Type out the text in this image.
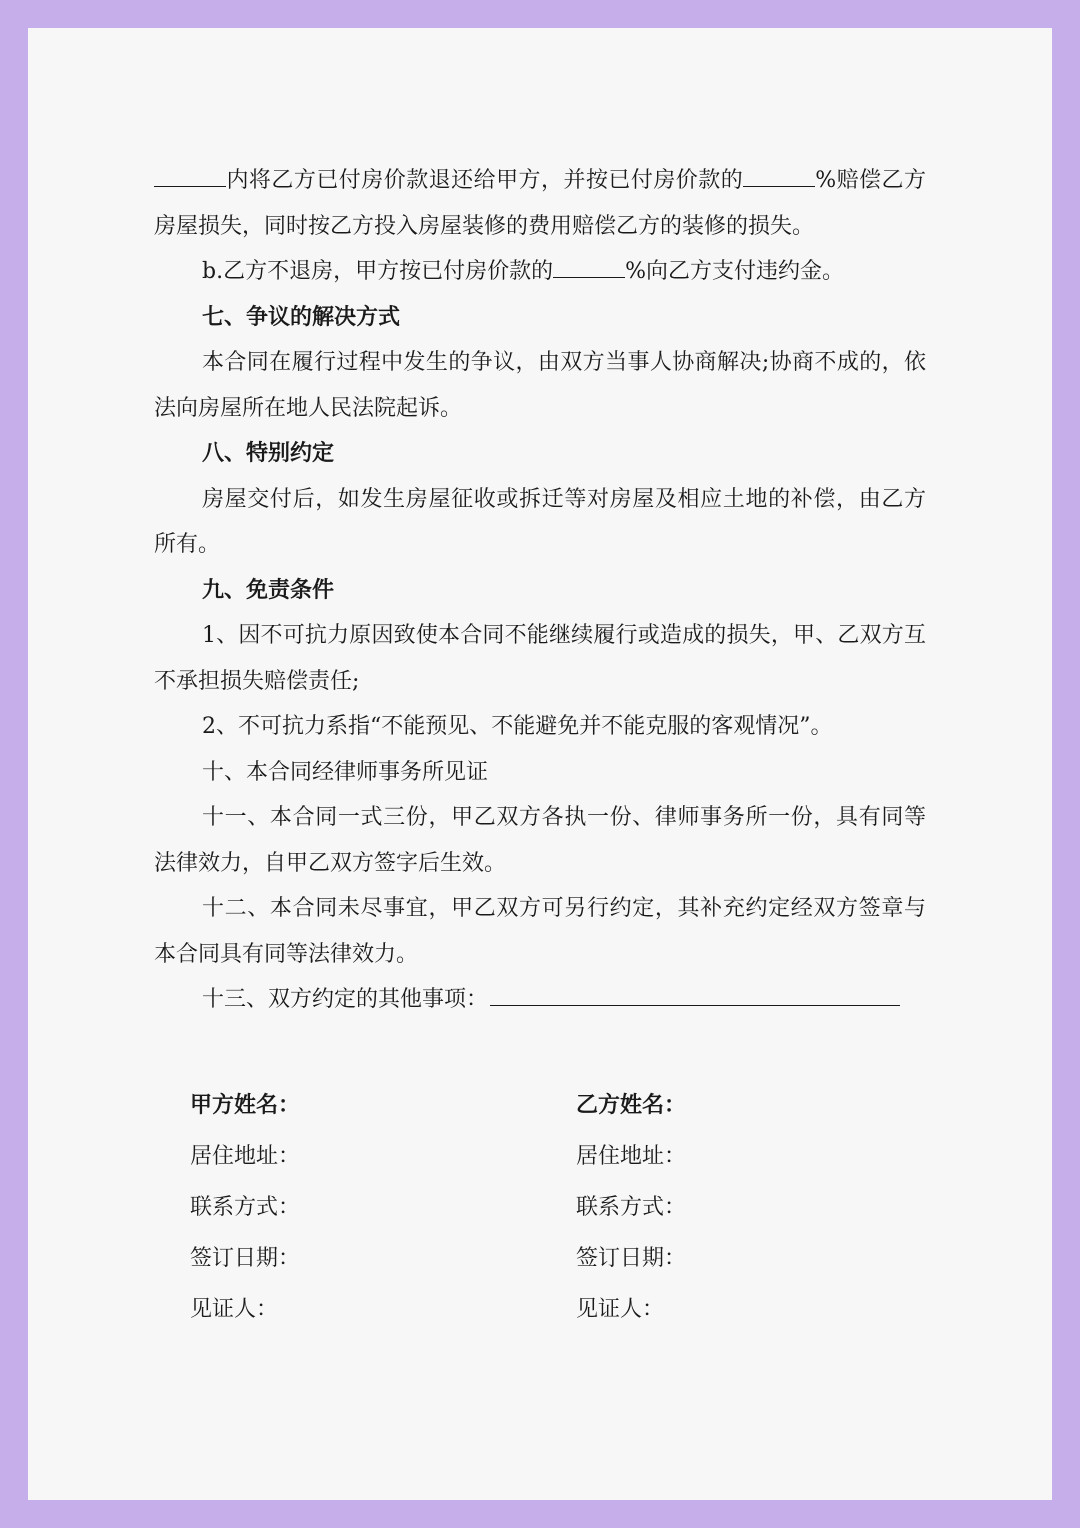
内将乙方已付房价款退还给甲方，并按已付房价款的	%赔偿乙方房屋损失，同时按乙方投入房屋装修的费用赔偿乙方的装修的损失。

b.乙方不退房，甲方按已付房价款的	%向乙方支付违约金。

七、争议的解决方式

本合同在履行过程中发生的争议，由双方当事人协商解决;协商不成的，依法向房屋所在地人民法院起诉。

八、特别约定

房屋交付后，如发生房屋征收或拆迁等对房屋及相应土地的补偿，由乙方所有。

九、免责条件

1、因不可抗力原因致使本合同不能继续履行或造成的损失，甲、乙双方互不承担损失赔偿责任;

2、不可抗力系指“不能预见、不能避免并不能克服的客观情况”。

十、本合同经律师事务所见证

十一、本合同一式三份，甲乙双方各执一份、律师事务所一份，具有同等法律效力，自甲乙双方签字后生效。

十二、本合同未尽事宜，甲乙双方可另行约定，其补充约定经双方签章与本合同具有同等法律效力。

十三、双方约定的其他事项：

甲方姓名：
居住地址：
联系方式：
签订日期：
见证人：
乙方姓名：
居住地址：
联系方式：
签订日期：
见证人：
